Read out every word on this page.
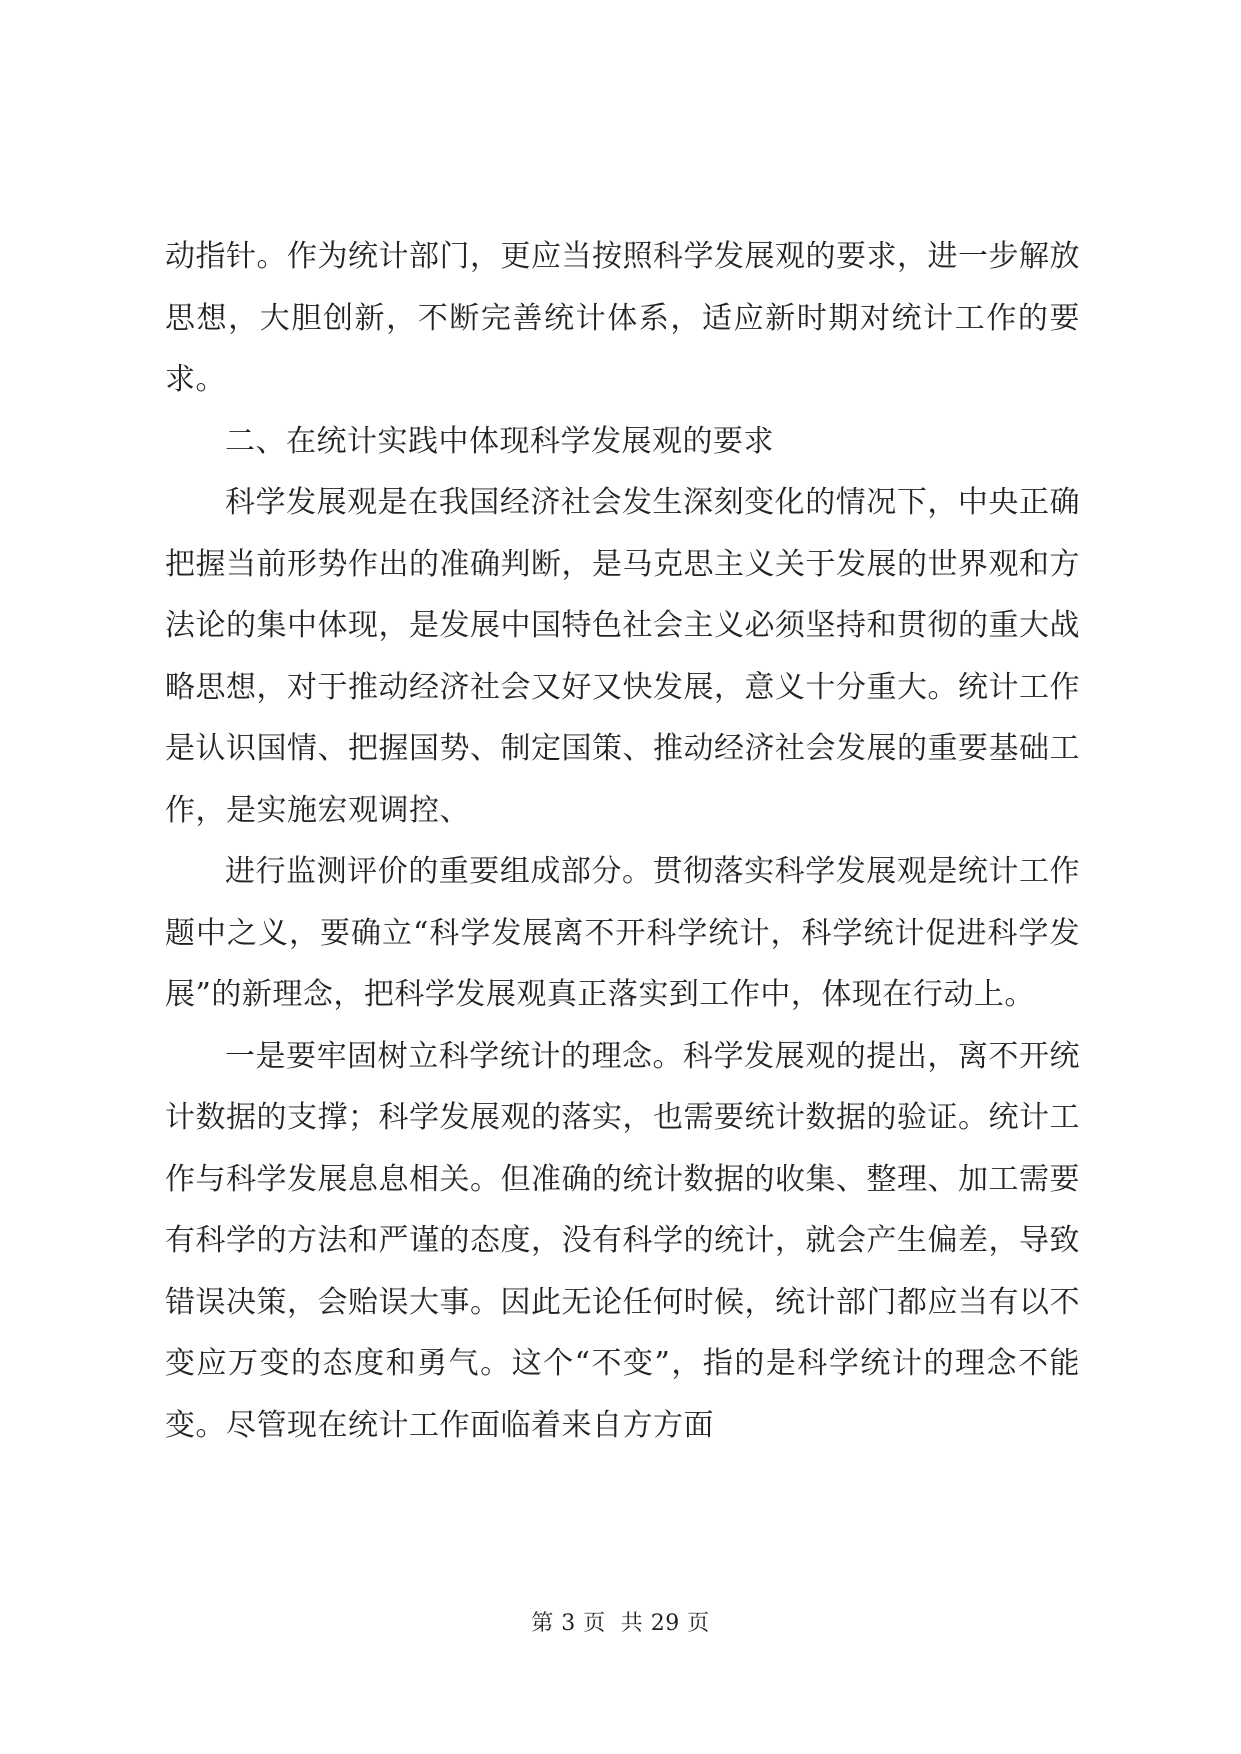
动指针。作为统计部门，更应当按照科学发展观的要求，进一步解放思想，大胆创新，不断完善统计体系，适应新时期对统计工作的要求。

二、在统计实践中体现科学发展观的要求

科学发展观是在我国经济社会发生深刻变化的情况下，中央正确把握当前形势作出的准确判断，是马克思主义关于发展的世界观和方法论的集中体现，是发展中国特色社会主义必须坚持和贯彻的重大战略思想，对于推动经济社会又好又快发展，意义十分重大。统计工作是认识国情、把握国势、制定国策、推动经济社会发展的重要基础工作，是实施宏观调控、

进行监测评价的重要组成部分。贯彻落实科学发展观是统计工作题中之义，要确立“科学发展离不开科学统计，科学统计促进科学发展”的新理念，把科学发展观真正落实到工作中，体现在行动上。

一是要牢固树立科学统计的理念。科学发展观的提出，离不开统计数据的支撑；科学发展观的落实，也需要统计数据的验证。统计工作与科学发展息息相关。但准确的统计数据的收集、整理、加工需要有科学的方法和严谨的态度，没有科学的统计，就会产生偏差，导致错误决策，会贻误大事。因此无论任何时候，统计部门都应当有以不变应万变的态度和勇气。这个“不变”，指的是科学统计的理念不能变。尽管现在统计工作面临着来自方方面

第 3 页  共 29 页
